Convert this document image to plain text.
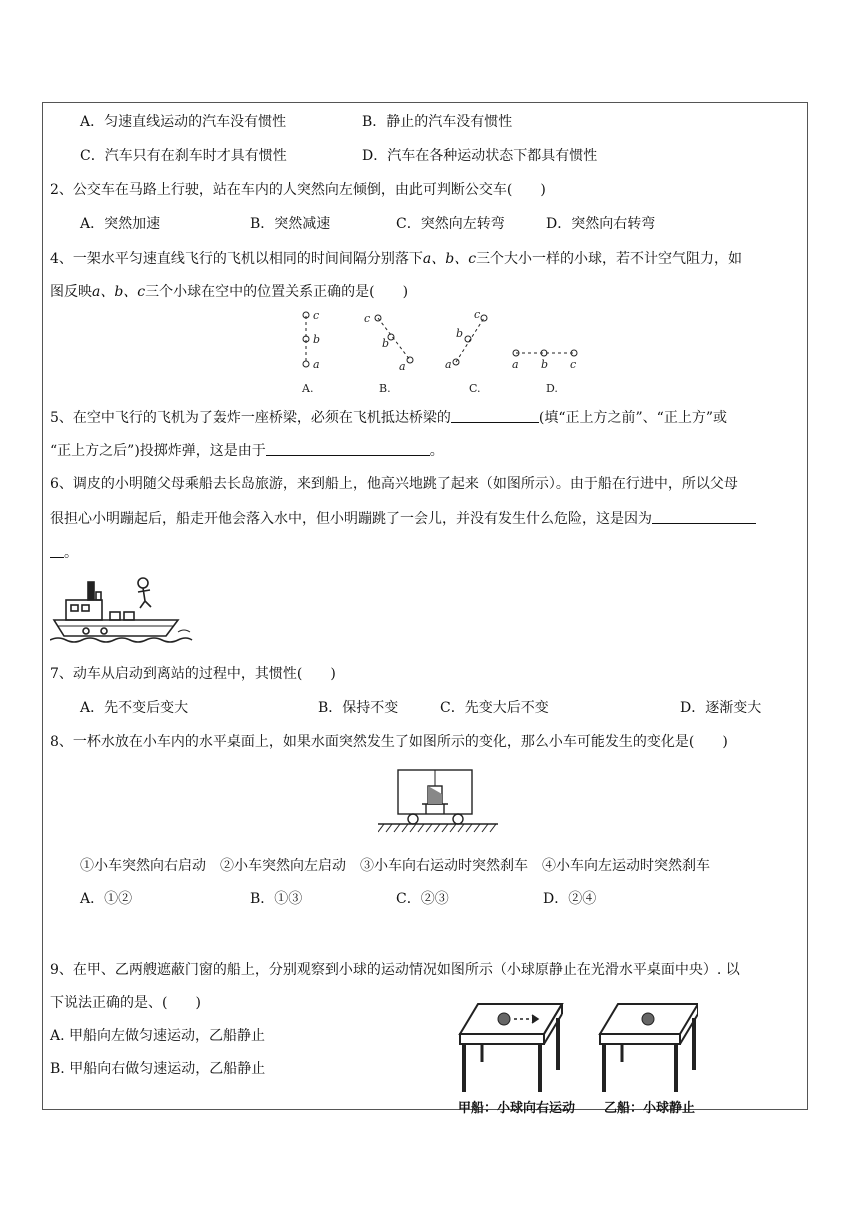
A．匀速直线运动的汽车没有惯性	B．静止的汽车没有惯性
C．汽车只有在刹车时才具有惯性	D．汽车在各种运动状态下都具有惯性
2、公交车在马路上行驶，站在车内的人突然向左倾倒，由此可判断公交车(　　)
A．突然加速	B．突然减速	C．突然向左转弯	D．突然向右转弯
4、一架水平匀速直线飞行的飞机以相同的时间间隔分别落下a、b、c三个大小一样的小球，若不计空气阻力，如
图反映a、b、c三个小球在空中的位置关系正确的是(　　)
c
b
a
c
b
a	a
b
c
a b c
A.	B.	C.	D.
5、在空中飞行的飞机为了轰炸一座桥梁，必须在飞机抵达桥梁的	(填“正上方之前”、“正上方”或
“正上方之后”)投掷炸弹，这是由于	。
6、调皮的小明随父母乘船去长岛旅游，来到船上，他高兴地跳了起来（如图所示）。由于船在行进中，所以父母
很担心小明蹦起后，船走开他会落入水中，但小明蹦跳了一会儿，并没有发生什么危险，这是因为
。
7、动车从启动到离站的过程中，其惯性(　　)
A．先不变后变大	B．保持不变	C．先变大后不变	D．逐渐变大
8、一杯水放在小车内的水平桌面上，如果水面突然发生了如图所示的变化，那么小车可能发生的变化是(　　)
①小车突然向右启动　②小车突然向左启动　③小车向右运动时突然刹车　④小车向左运动时突然刹车
A．①②	B．①③	C．②③	D．②④
9、在甲、乙两艘遮蔽门窗的船上，分别观察到小球的运动情况如图所示（小球原静止在光滑水平桌面中央）. 以
下说法正确的是、(　　)
A. 甲船向左做匀速运动，乙船静止
B. 甲船向右做匀速运动，乙船静止
甲船：小球向右运动 乙船：小球静止
